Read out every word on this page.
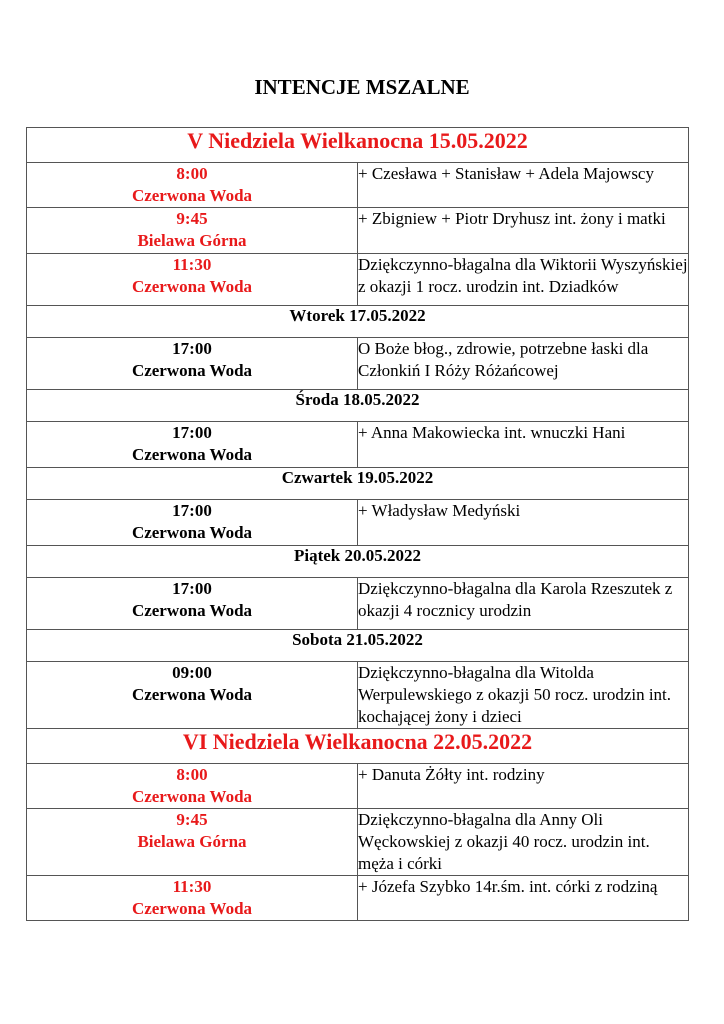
INTENCJE MSZALNE
V Niedziela Wielkanocna 15.05.2022	

8:00
Czerwona Woda	+ Czesława + Stanisław + Adela Majowscy

9:45
Bielawa Górna	+ Zbigniew + Piotr Dryhusz int. żony i matki

11:30
Czerwona Woda	Dziękczynno-błagalna dla Wiktorii Wyszyńskiej z okazji 1 rocz. urodzin int. Dziadków
Wtorek 17.05.2022	

17:00
Czerwona Woda	O Boże błog., zdrowie, potrzebne łaski dla Członkiń I Róży Różańcowej
Środa 18.05.2022	

17:00
Czerwona Woda	+ Anna Makowiecka int. wnuczki Hani
Czwartek 19.05.2022	

17:00
Czerwona Woda	+ Władysław Medyński
Piątek 20.05.2022	

17:00
Czerwona Woda	Dziękczynno-błagalna dla Karola Rzeszutek z okazji 4 rocznicy urodzin
Sobota 21.05.2022	

09:00
Czerwona Woda	Dziękczynno-błagalna dla Witolda Werpulewskiego z okazji 50 rocz. urodzin int. kochającej żony i dzieci
VI Niedziela Wielkanocna 22.05.2022	

8:00
Czerwona Woda	+ Danuta Żółty int. rodziny

9:45
Bielawa Górna	Dziękczynno-błagalna dla Anny Oli Węckowskiej z okazji 40 rocz. urodzin int. męża i córki

11:30
Czerwona Woda	+ Józefa Szybko 14r.śm. int. córki z rodziną
